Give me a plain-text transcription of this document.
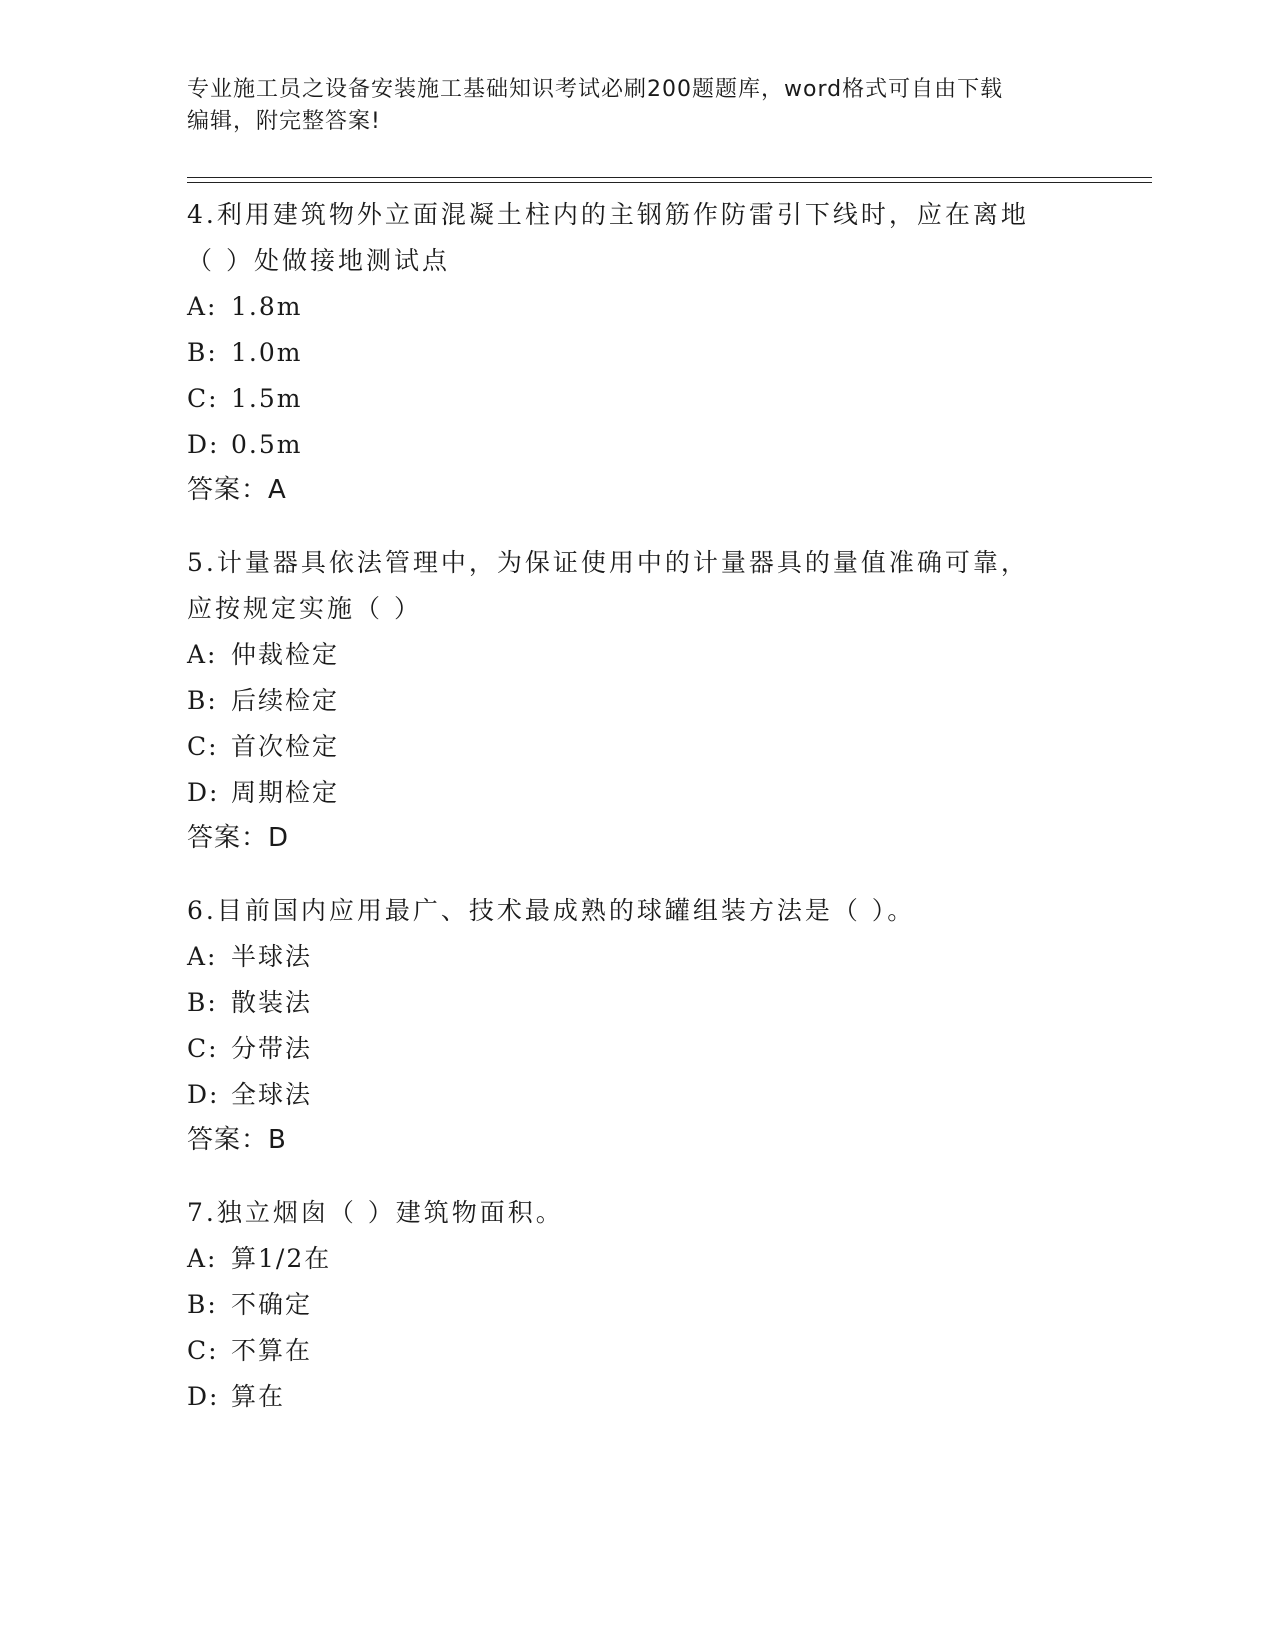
专业施工员之设备安装施工基础知识考试必刷200题题库，word格式可自由下载
编辑，附完整答案!
4.利用建筑物外立面混凝土柱内的主钢筋作防雷引下线时，应在离地
（ ）处做接地测试点
A: 1.8m
B: 1.0m
C: 1.5m
D: 0.5m
答案：A
5.计量器具依法管理中，为保证使用中的计量器具的量值准确可靠，
应按规定实施（ ）
A: 仲裁检定
B: 后续检定
C: 首次检定
D: 周期检定
答案：D
6.目前国内应用最广、技术最成熟的球罐组装方法是（ ）。
A: 半球法
B: 散装法
C: 分带法
D: 全球法
答案：B
7.独立烟囱（ ）建筑物面积。
A: 算1/2在
B: 不确定
C: 不算在
D: 算在
